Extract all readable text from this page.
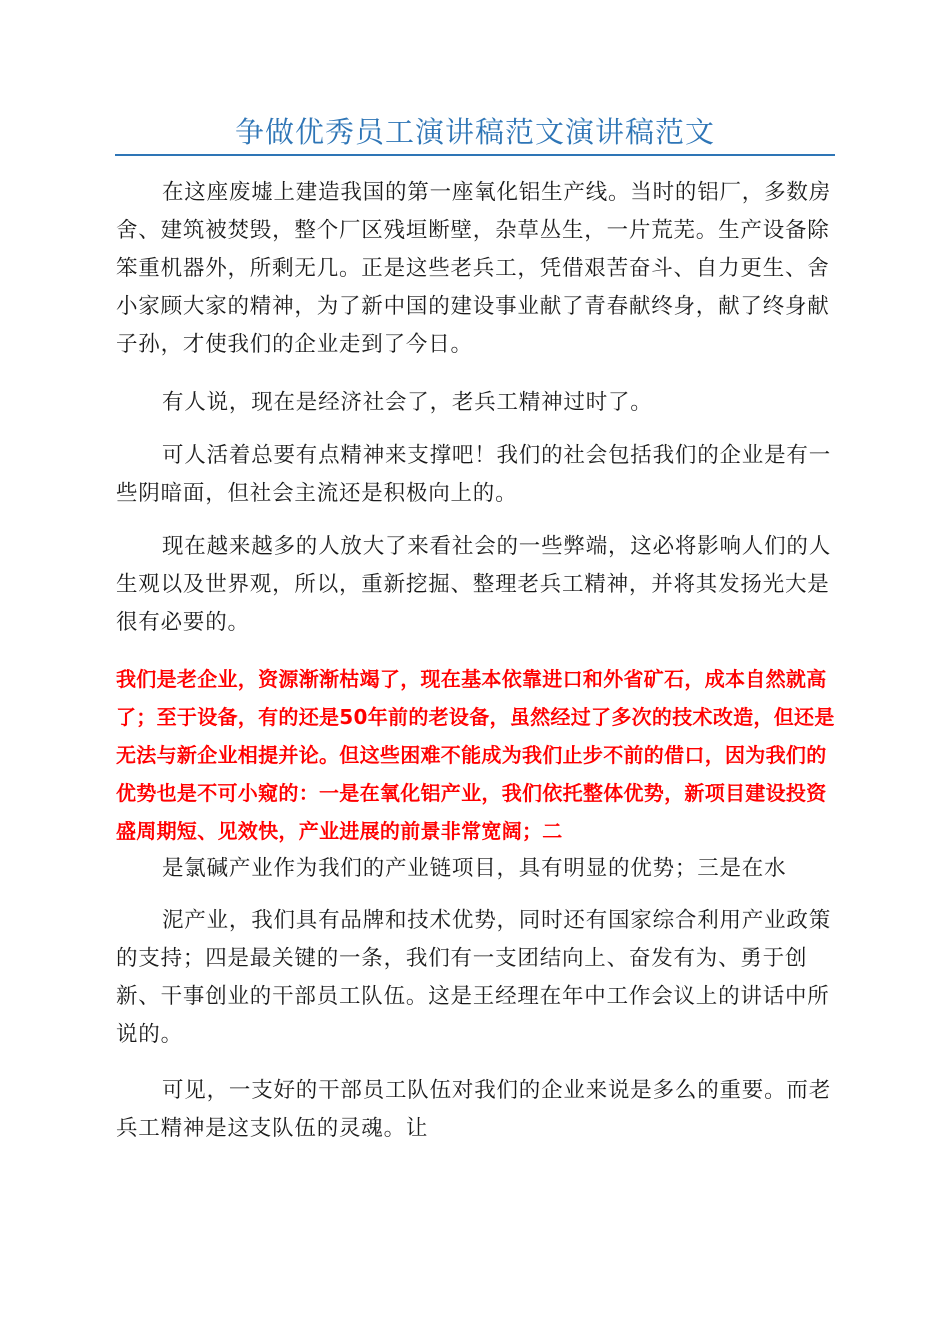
争做优秀员工演讲稿范文演讲稿范文

在这座废墟上建造我国的第一座氧化铝生产线。当时的铝厂，多数房舍、建筑被焚毁，整个厂区残垣断壁，杂草丛生，一片荒芜。生产设备除笨重机器外，所剩无几。正是这些老兵工，凭借艰苦奋斗、自力更生、舍小家顾大家的精神，为了新中国的建设事业献了青春献终身，献了终身献子孙，才使我们的企业走到了今日。

有人说，现在是经济社会了，老兵工精神过时了。

可人活着总要有点精神来支撑吧！我们的社会包括我们的企业是有一些阴暗面，但社会主流还是积极向上的。

现在越来越多的人放大了来看社会的一些弊端，这必将影响人们的人生观以及世界观，所以，重新挖掘、整理老兵工精神，并将其发扬光大是很有必要的。

我们是老企业，资源渐渐枯竭了，现在基本依靠进口和外省矿石，成本自然就高了；至于设备，有的还是50年前的老设备，虽然经过了多次的技术改造，但还是无法与新企业相提并论。但这些困难不能成为我们止步不前的借口，因为我们的优势也是不可小窥的：一是在氧化铝产业，我们依托整体优势，新项目建设投资盛周期短、见效快，产业进展的前景非常宽阔；二

是氯碱产业作为我们的产业链项目，具有明显的优势；三是在水

泥产业，我们具有品牌和技术优势，同时还有国家综合利用产业政策的支持；四是最关键的一条，我们有一支团结向上、奋发有为、勇于创新、干事创业的干部员工队伍。这是王经理在年中工作会议上的讲话中所说的。

可见，一支好的干部员工队伍对我们的企业来说是多么的重要。而老兵工精神是这支队伍的灵魂。让
